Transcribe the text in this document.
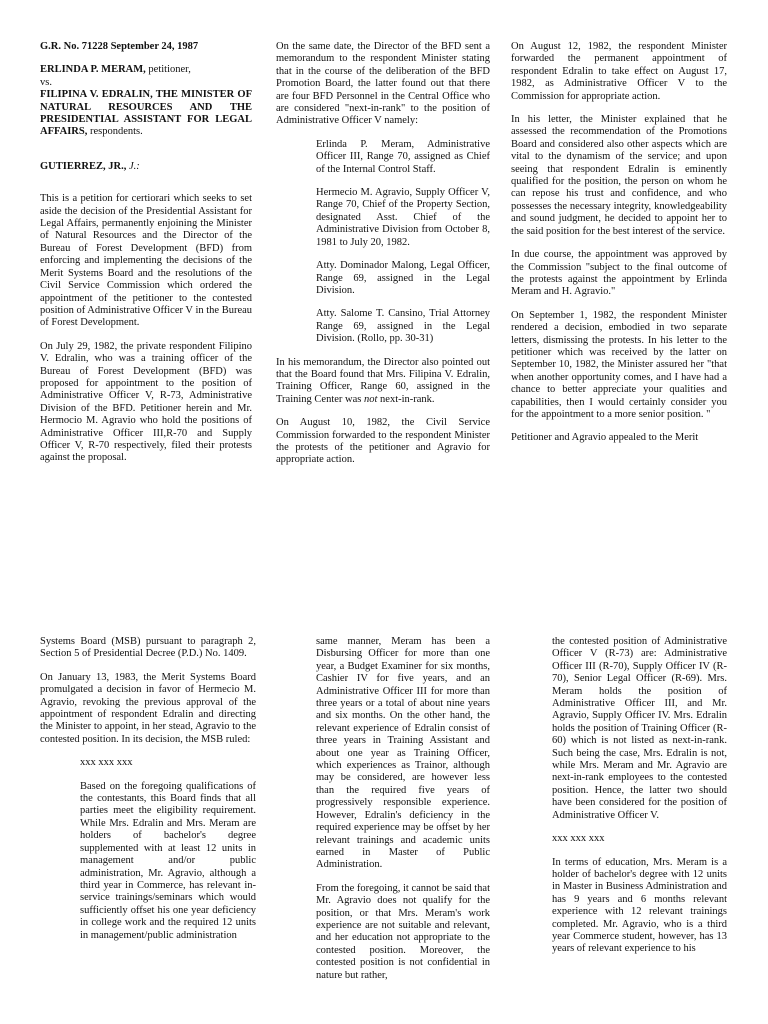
G.R. No. 71228 September 24, 1987

ERLINDA P. MERAM, petitioner,

vs.

FILIPINA V. EDRALIN, THE MINISTER OF NATURAL RESOURCES AND THE PRESIDENTIAL ASSISTANT FOR LEGAL AFFAIRS, respondents.

GUTIERREZ, JR., J.:

This is a petition for certiorari which seeks to set aside the decision of the Presidential Assistant for Legal Affairs, permanently enjoining the Minister of Natural Resources and the Director of the Bureau of Forest Development (BFD) from enforcing and implementing the decisions of the Merit Systems Board and the resolutions of the Civil Service Commission which ordered the appointment of the petitioner to the contested position of Administrative Officer V in the Bureau of Forest Development.

On July 29, 1982, the private respondent Filipino V. Edralin, who was a training officer of the Bureau of Forest Development (BFD) was proposed for appointment to the position of Administrative Officer V, R-73, Administrative Division of the BFD. Petitioner herein and Mr. Hermocio M. Agravio who hold the positions of Administrative Officer III,R-70 and Supply Officer V, R-70 respectively, filed their protests against the proposal.

On the same date, the Director of the BFD sent a memorandum to the respondent Minister stating that in the course of the deliberation of the BFD Promotion Board, the latter found out that there are four BFD Personnel in the Central Office who are considered "next-in-rank" to the position of Administrative Officer V namely:

Erlinda P. Meram, Administrative Officer III, Range 70, assigned as Chief of the Internal Control Staff.

Hermecio M. Agravio, Supply Officer V, Range 70, Chief of the Property Section, designated Asst. Chief of the Administrative Division from October 8, 1981 to July 20, 1982.

Atty. Dominador Malong, Legal Officer, Range 69, assigned in the Legal Division.

Atty. Salome T. Cansino, Trial Attorney Range 69, assigned in the Legal Division. (Rollo, pp. 30-31)

In his memorandum, the Director also pointed out that the Board found that Mrs. Filipina V. Edralin, Training Officer, Range 60, assigned in the Training Center was not next-in-rank.

On August 10, 1982, the Civil Service Commission forwarded to the respondent Minister the protests of the petitioner and Agravio for appropriate action.

On August 12, 1982, the respondent Minister forwarded the permanent appointment of respondent Edralin to take effect on August 17, 1982, as Administrative Officer V to the Commission for appropriate action.

In his letter, the Minister explained that he assessed the recommendation of the Promotions Board and considered also other aspects which are vital to the dynamism of the service; and upon seeing that respondent Edralin is eminently qualified for the position, the person on whom he can repose his trust and confidence, and who possesses the necessary integrity, knowledgeability and sound judgment, he decided to appoint her to the said position for the best interest of the service.

In due course, the appointment was approved by the Commission "subject to the final outcome of the protests against the appointment by Erlinda Meram and H. Agravio."

On September 1, 1982, the respondent Minister rendered a decision, embodied in two separate letters, dismissing the protests. In his letter to the petitioner which was received by the latter on September 10, 1982, the Minister assured her "that when another opportunity comes, and I have had a chance to better appreciate your qualities and capabilities, then I would certainly consider you for the appointment to a more senior position. "

Petitioner and Agravio appealed to the Merit

Systems Board (MSB) pursuant to paragraph 2, Section 5 of Presidential Decree (P.D.) No. 1409.

On January 13, 1983, the Merit Systems Board promulgated a decision in favor of Hermecio M. Agravio, revoking the previous approval of the appointment of respondent Edralin and directing the Minister to appoint, in her stead, Agravio to the contested position. In its decision, the MSB ruled:

xxx xxx xxx

Based on the foregoing qualifications of the contestants, this Board finds that all parties meet the eligibility requirement. While Mrs. Edralin and Mrs. Meram are holders of bachelor's degree supplemented with at least 12 units in management and/or public administration, Mr. Agravio, although a third year in Commerce, has relevant in-service trainings/seminars which would sufficiently offset his one year deficiency in college work and the required 12 units in management/public administration

same manner, Meram has been a Disbursing Officer for more than one year, a Budget Examiner for six months, Cashier IV for five years, and an Administrative Officer III for more than three years or a total of about nine years and six months. On the other hand, the relevant experience of Edralin consist of three years in Training Assistant and about one year as Training Officer, which experiences as Trainor, although may be considered, are however less than the required five years of progressively responsible experience. However, Edralin's deficiency in the required experience may be offset by her relevant trainings and academic units earned in Master of Public Administration.

From the foregoing, it cannot be said that Mr. Agravio does not qualify for the position, or that Mrs. Meram's work experience are not suitable and relevant, and her education not appropriate to the contested position. Moreover, the contested position is not confidential in nature but rather,

the contested position of Administrative Officer V (R-73) are: Administrative Officer III (R-70), Supply Officer IV (R-70), Senior Legal Officer (R-69). Mrs. Meram holds the position of Administrative Officer III, and Mr. Agravio, Supply Officer IV. Mrs. Edralin holds the position of Training Officer (R-60) which is not listed as next-in-rank. Such being the case, Mrs. Edralin is not, while Mrs. Meram and Mr. Agravio are next-in-rank employees to the contested position. Hence, the latter two should have been considered for the position of Administrative Officer V.

xxx xxx xxx

In terms of education, Mrs. Meram is a holder of bachelor's degree with 12 units in Master in Business Administration and has 9 years and 6 months relevant experience with 12 relevant trainings completed. Mr. Agravio, who is a third year Commerce student, however, has 13 years of relevant experience to his
